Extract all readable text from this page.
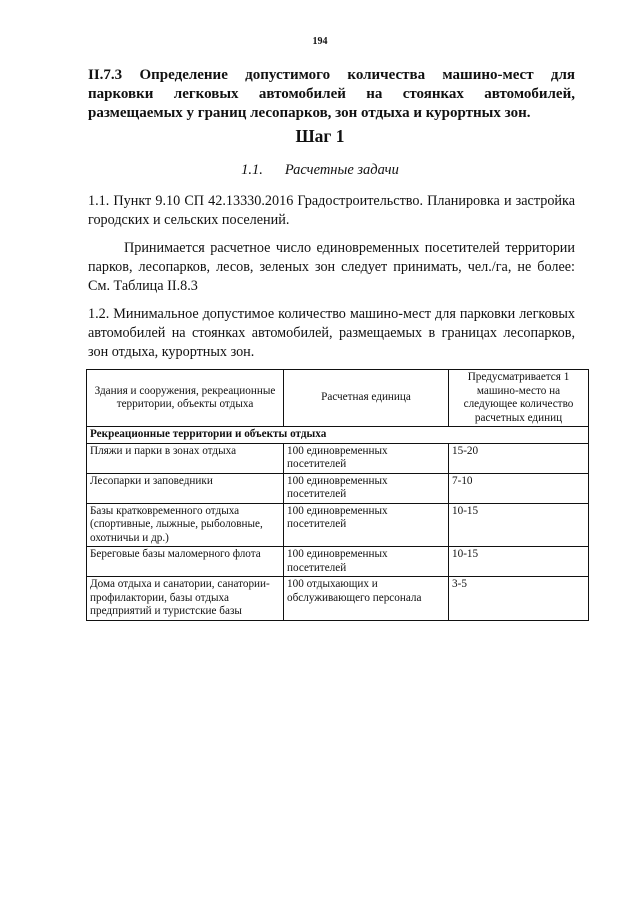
194
II.7.3 Определение допустимого количества машино-мест для парковки легковых автомобилей на стоянках автомобилей, размещаемых у границ лесопарков, зон отдыха и курортных зон.
Шаг 1
1.1. Расчетные задачи
1.1. Пункт 9.10 СП 42.13330.2016 Градостроительство. Планировка и застройка городских и сельских поселений.
Принимается расчетное число единовременных посетителей территории парков, лесопарков, лесов, зеленых зон следует принимать, чел./га, не более: См. Таблица II.8.3
1.2. Минимальное допустимое количество машино-мест для парковки легковых автомобилей на стоянках автомобилей, размещаемых в границах лесопарков, зон отдыха, курортных зон.
Здания и сооружения, рекреационные территории, объекты отдыха	Расчетная единица	Предусматривается 1 машино-место на следующее количество расчетных единиц
Рекреационные территории и объекты отдыха		
Пляжи и парки в зонах отдыха	100 единовременных посетителей	15-20
Лесопарки и заповедники	100 единовременных посетителей	7-10
Базы кратковременного отдыха (спортивные, лыжные, рыболовные, охотничьи и др.)	100 единовременных посетителей	10-15
Береговые базы маломерного флота	100 единовременных посетителей	10-15
Дома отдыха и санатории, санатории-профилактории, базы отдыха предприятий и туристские базы	100 отдыхающих и обслуживающего персонала	3-5
